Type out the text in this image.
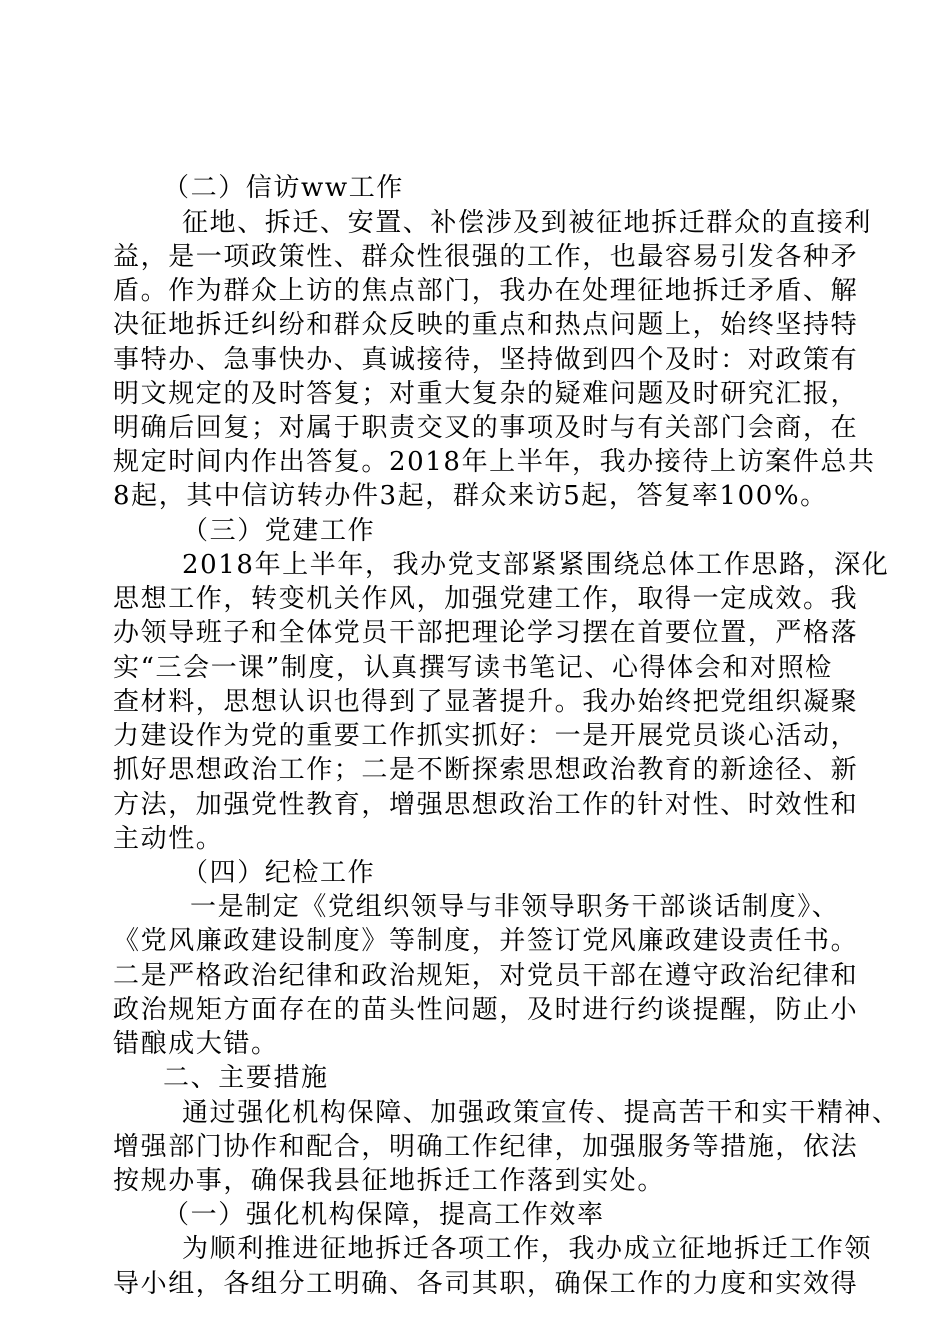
（二）信访ww工作
征地、拆迁、安置、补偿涉及到被征地拆迁群众的直接利
益，是一项政策性、群众性很强的工作，也最容易引发各种矛
盾。作为群众上访的焦点部门，我办在处理征地拆迁矛盾、解
决征地拆迁纠纷和群众反映的重点和热点问题上，始终坚持特
事特办、急事快办、真诚接待，坚持做到四个及时：对政策有
明文规定的及时答复；对重大复杂的疑难问题及时研究汇报，
明确后回复；对属于职责交叉的事项及时与有关部门会商，在
规定时间内作出答复。2018年上半年，我办接待上访案件总共
8起，其中信访转办件3起，群众来访5起，答复率100%。
（三）党建工作
2018年上半年，我办党支部紧紧围绕总体工作思路，深化
思想工作，转变机关作风，加强党建工作，取得一定成效。我
办领导班子和全体党员干部把理论学习摆在首要位置，严格落
实“三会一课”制度，认真撰写读书笔记、心得体会和对照检
查材料，思想认识也得到了显著提升。我办始终把党组织凝聚
力建设作为党的重要工作抓实抓好：一是开展党员谈心活动，
抓好思想政治工作；二是不断探索思想政治教育的新途径、新
方法，加强党性教育，增强思想政治工作的针对性、时效性和
主动性。
（四）纪检工作
一是制定《党组织领导与非领导职务干部谈话制度》、
《党风廉政建设制度》等制度，并签订党风廉政建设责任书。
二是严格政治纪律和政治规矩，对党员干部在遵守政治纪律和
政治规矩方面存在的苗头性问题，及时进行约谈提醒，防止小
错酿成大错。
二、主要措施
通过强化机构保障、加强政策宣传、提高苦干和实干精神、
增强部门协作和配合，明确工作纪律，加强服务等措施，依法
按规办事，确保我县征地拆迁工作落到实处。
（一）强化机构保障，提高工作效率
为顺利推进征地拆迁各项工作，我办成立征地拆迁工作领
导小组，各组分工明确、各司其职，确保工作的力度和实效得
